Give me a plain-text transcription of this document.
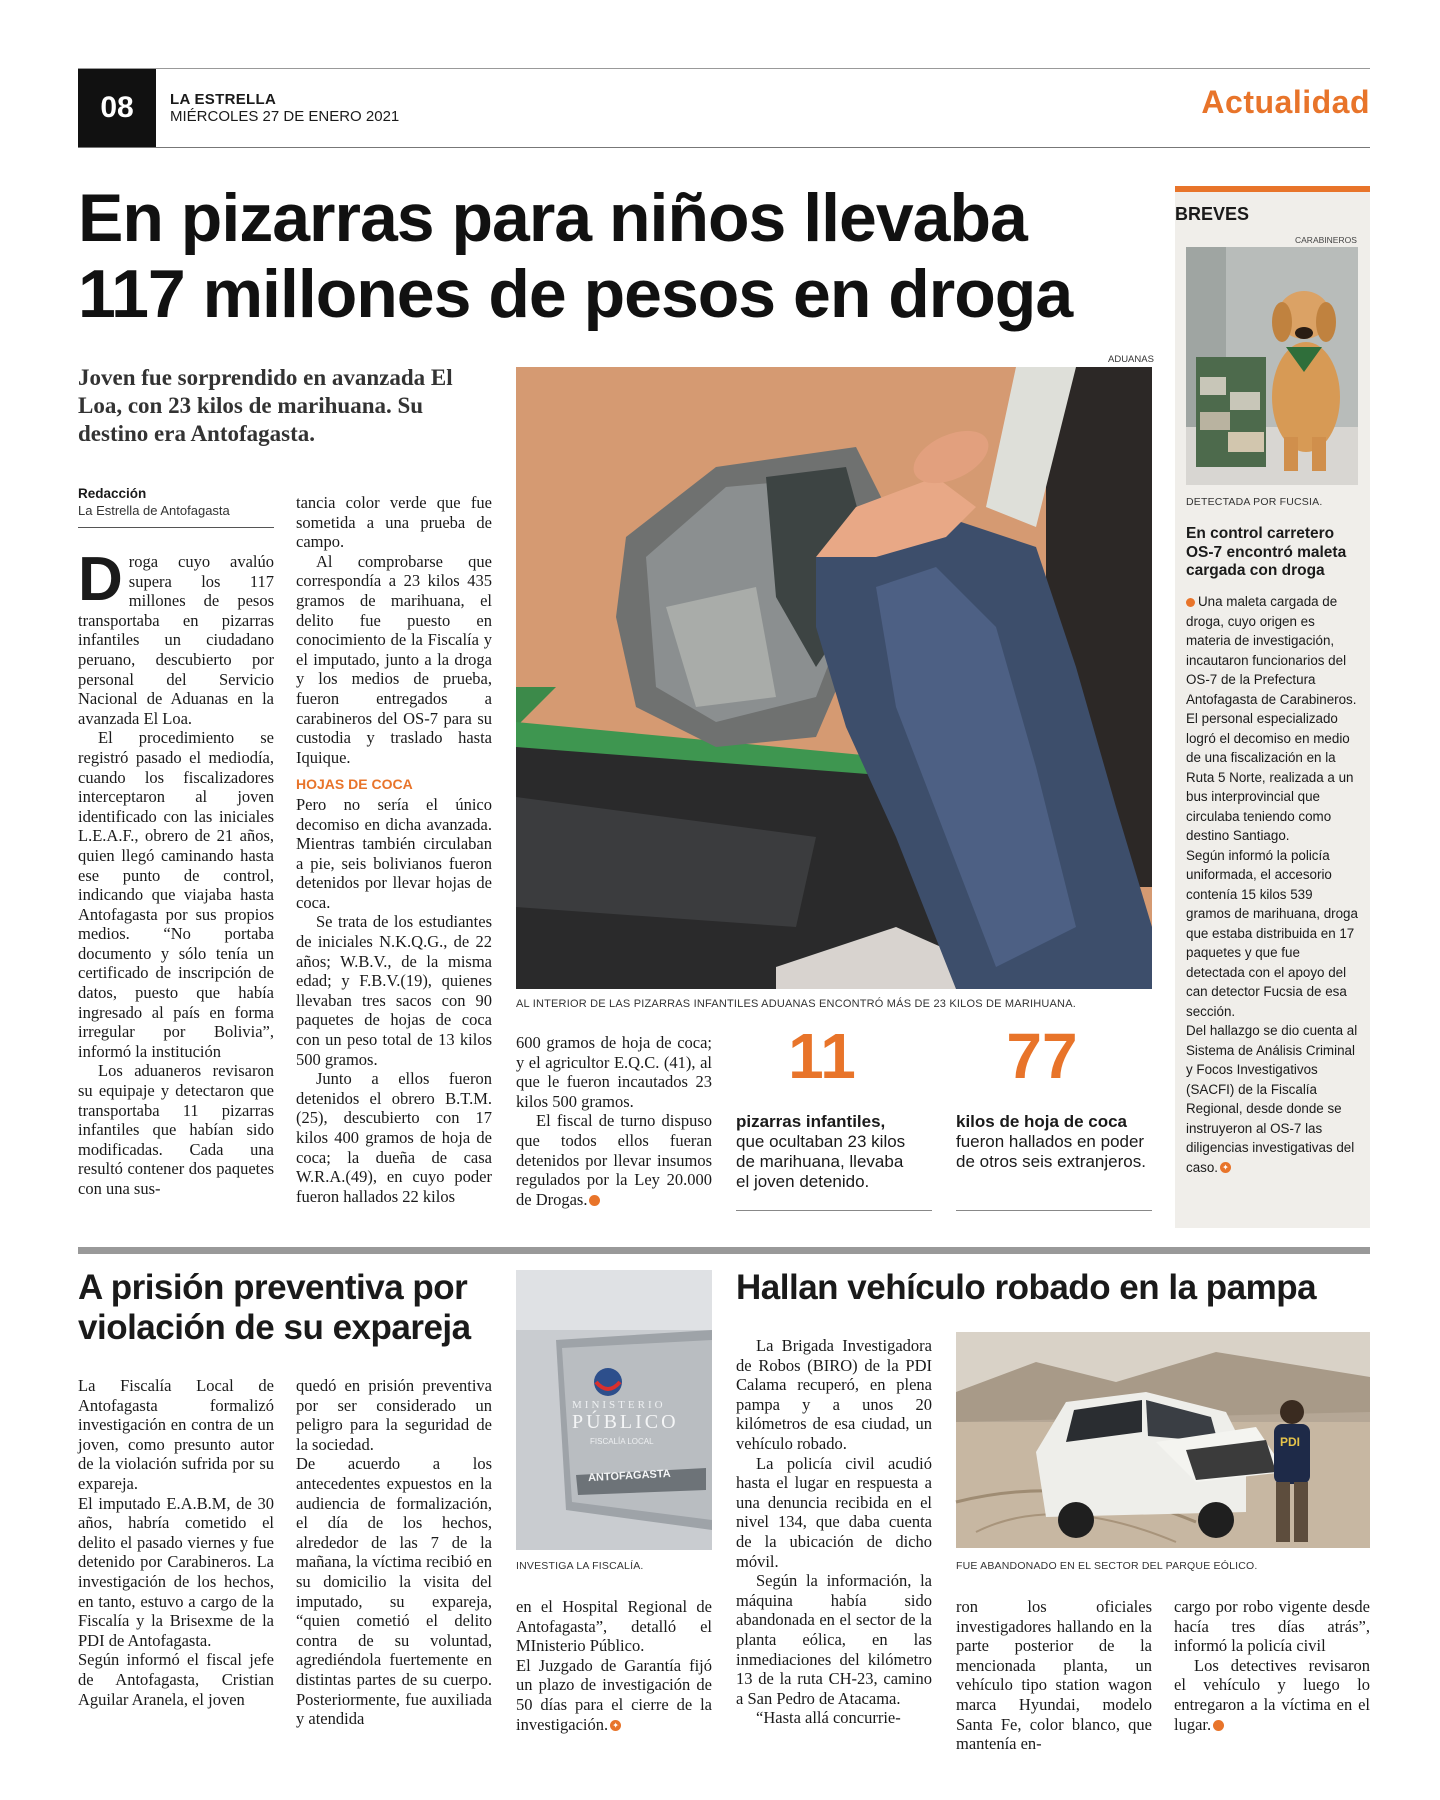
08	LA ESTRELLA
MIÉRCOLES 27 DE ENERO 2021	Actualidad
En pizarras para niños llevaba
117 millones de pesos en droga
Joven fue sorprendido en avanzada El Loa, con 23 kilos de marihuana. Su destino era Antofagasta.
Redacción
La Estrella de Antofagasta

Droga cuyo avalúo supera los 117 millones de pesos transportaba en pizarras infantiles un ciudadano peruano, descubierto por personal del Servicio Nacional de Aduanas en la avanzada El Loa.

El procedimiento se registró pasado el mediodía, cuando los fiscalizadores interceptaron al joven identificado con las iniciales L.E.A.F., obrero de 21 años, quien llegó caminando hasta ese punto de control, indicando que viajaba hasta Antofagasta por sus propios medios. “No portaba documento y sólo tenía un certificado de inscripción de datos, puesto que había ingresado al país en forma irregular por Bolivia”, informó la institución

Los aduaneros revisaron su equipaje y detectaron que transportaba 11 pizarras infantiles que habían sido modificadas. Cada una resultó contener dos paquetes con una sus-

tancia color verde que fue sometida a una prueba de campo.

Al comprobarse que correspondía a 23 kilos 435 gramos de marihuana, el delito fue puesto en conocimiento de la Fiscalía y el imputado, junto a la droga y los medios de prueba, fueron entregados a carabineros del OS-7 para su custodia y traslado hasta Iquique.

HOJAS DE COCA

Pero no sería el único decomiso en dicha avanzada. Mientras también circulaban a pie, seis bolivianos fueron detenidos por llevar hojas de coca.

Se trata de los estudiantes de iniciales N.K.Q.G., de 22 años; W.B.V., de la misma edad; y F.B.V.(19), quienes llevaban tres sacos con 90 paquetes de hojas de coca con un peso total de 13 kilos 500 gramos.

Junto a ellos fueron detenidos el obrero B.T.M. (25), descubierto con 17 kilos 400 gramos de hoja de coca; la dueña de casa W.R.A.(49), en cuyo poder fueron hallados 22 kilos

ADUANAS
AL INTERIOR DE LAS PIZARRAS INFANTILES ADUANAS ENCONTRÓ MÁS DE 23 KILOS DE MARIHUANA.

600 gramos de hoja de coca; y el agricultor E.Q.C. (41), al que le fueron incautados 23 kilos 500 gramos.

El fiscal de turno dispuso que todos ellos fueran detenidos por llevar insumos regulados por la Ley 20.000 de Drogas.	✦

11
pizarras infantiles, que ocultaban 23 kilos de marihuana, llevaba el joven detenido.
77
kilos de hoja de coca fueron hallados en poder de otros seis extranjeros.
BREVES
CARABINEROS
DETECTADA POR FUCSIA.
En control carretero OS-7 encontró maleta cargada con droga

Una maleta cargada de droga, cuyo origen es materia de investigación, incautaron funcionarios del OS-7 de la Prefectura Antofagasta de Carabineros.

El personal especializado logró el decomiso en medio de una fiscalización en la Ruta 5 Norte, realizada a un bus interprovincial que circulaba teniendo como destino Santiago.

Según informó la policía uniformada, el accesorio contenía 15 kilos 539 gramos de marihuana, droga que estaba distribuida en 17 paquetes y que fue detectada con el apoyo del can detector Fucsia de esa sección.

Del hallazgo se dio cuenta al Sistema de Análisis Criminal y Focos Investigativos (SACFI) de la Fiscalía Regional, desde donde se instruyeron al OS-7 las diligencias investigativas del caso. ✦

A prisión preventiva por violación de su expareja

La Fiscalía Local de Antofagasta formalizó investigación en contra de un joven, como presunto autor de la violación sufrida por su expareja.

El imputado E.A.B.M, de 30 años, habría cometido el delito el pasado viernes y fue detenido por Carabineros. La investigación de los hechos, en tanto, estuvo a cargo de la Fiscalía y la Brisexme de la PDI de Antofagasta.

Según informó el fiscal jefe de Antofagasta, Cristian Aguilar Aranela, el joven

quedó en prisión preventiva por ser considerado un peligro para la seguridad de la sociedad.

De acuerdo a los antecedentes expuestos en la audiencia de formalización, el día de los hechos, alrededor de las 7 de la mañana, la víctima recibió en su domicilio la visita del imputado, su expareja, “quien cometió el delito contra de su voluntad, agrediéndola fuertemente en distintas partes de su cuerpo. Posteriormente, fue auxiliada y atendida

MINISTERIO
PÚBLICO
FISCALÍA LOCAL
ANTOFAGASTA
INVESTIGA LA FISCALÍA.

en el Hospital Regional de Antofagasta”, detalló el MInisterio Público.

El Juzgado de Garantía fijó un plazo de investigación de 50 días para el cierre de la investigación. ✦

Hallan vehículo robado en la pampa

La Brigada Investigadora de Robos (BIRO) de la PDI Calama recuperó, en plena pampa y a unos 20 kilómetros de esa ciudad, un vehículo robado.

La policía civil acudió hasta el lugar en respuesta a una denuncia recibida en el nivel 134, que daba cuenta de la ubicación de dicho móvil.

Según la información, la máquina había sido abandonada en el sector de la planta eólica, en las inmediaciones del kilómetro 13 de la ruta CH-23, camino a San Pedro de Atacama.

“Hasta allá concurrie-

PDI
FUE ABANDONADO EN EL SECTOR DEL PARQUE EÓLICO.

ron los oficiales investigadores hallando en la parte posterior de la mencionada planta, un vehículo tipo station wagon marca Hyundai, modelo Santa Fe, color blanco, que mantenía en-

cargo por robo vigente desde hacía tres días atrás”, informó la policía civil

Los detectives revisaron el vehículo y luego lo entregaron a la víctima en el lugar.	✦
